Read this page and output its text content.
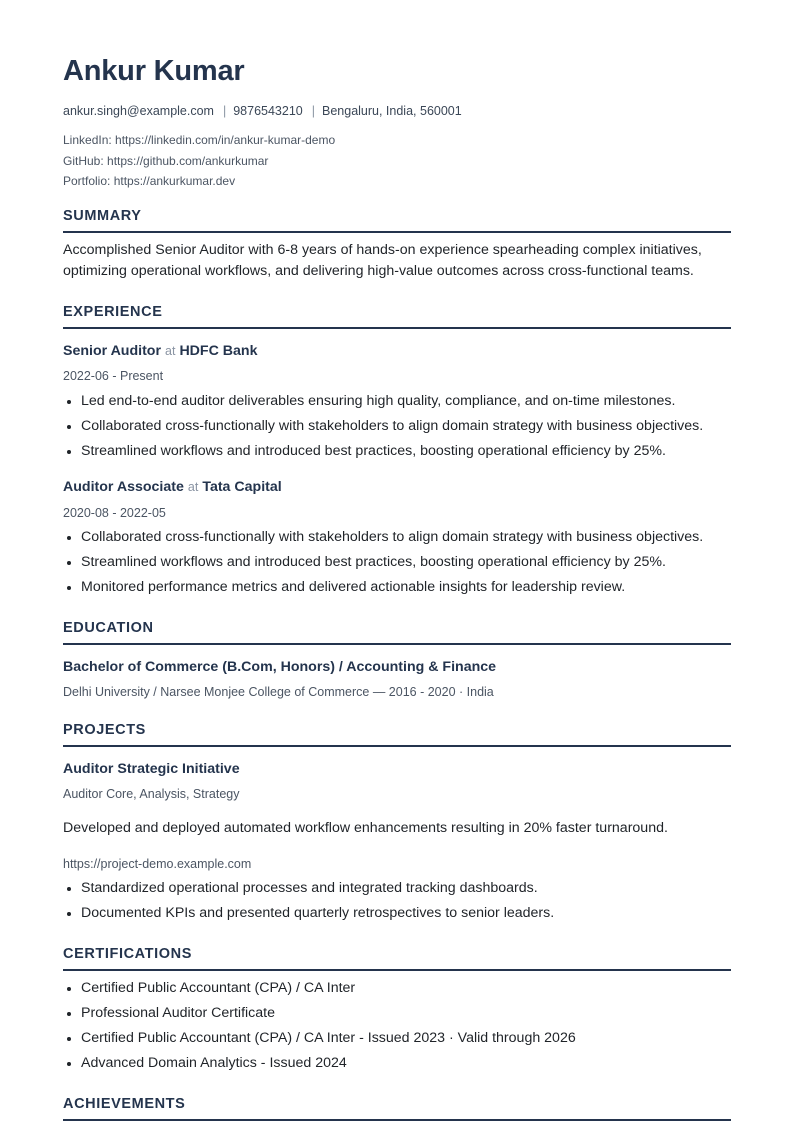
Ankur Kumar
ankur.singh@example.com | 9876543210 | Bengaluru, India, 560001
LinkedIn: https://linkedin.com/in/ankur-kumar-demo
GitHub: https://github.com/ankurkumar
Portfolio: https://ankurkumar.dev
SUMMARY
Accomplished Senior Auditor with 6-8 years of hands-on experience spearheading complex initiatives, optimizing operational workflows, and delivering high-value outcomes across cross-functional teams.
EXPERIENCE
Senior Auditor at HDFC Bank
2022-06 - Present
Led end-to-end auditor deliverables ensuring high quality, compliance, and on-time milestones.
Collaborated cross-functionally with stakeholders to align domain strategy with business objectives.
Streamlined workflows and introduced best practices, boosting operational efficiency by 25%.
Auditor Associate at Tata Capital
2020-08 - 2022-05
Collaborated cross-functionally with stakeholders to align domain strategy with business objectives.
Streamlined workflows and introduced best practices, boosting operational efficiency by 25%.
Monitored performance metrics and delivered actionable insights for leadership review.
EDUCATION
Bachelor of Commerce (B.Com, Honors) / Accounting & Finance
Delhi University / Narsee Monjee College of Commerce — 2016 - 2020 · India
PROJECTS
Auditor Strategic Initiative
Auditor Core, Analysis, Strategy
Developed and deployed automated workflow enhancements resulting in 20% faster turnaround.
https://project-demo.example.com
Standardized operational processes and integrated tracking dashboards.
Documented KPIs and presented quarterly retrospectives to senior leaders.
CERTIFICATIONS
Certified Public Accountant (CPA) / CA Inter
Professional Auditor Certificate
Certified Public Accountant (CPA) / CA Inter - Issued 2023 · Valid through 2026
Advanced Domain Analytics - Issued 2024
ACHIEVEMENTS
